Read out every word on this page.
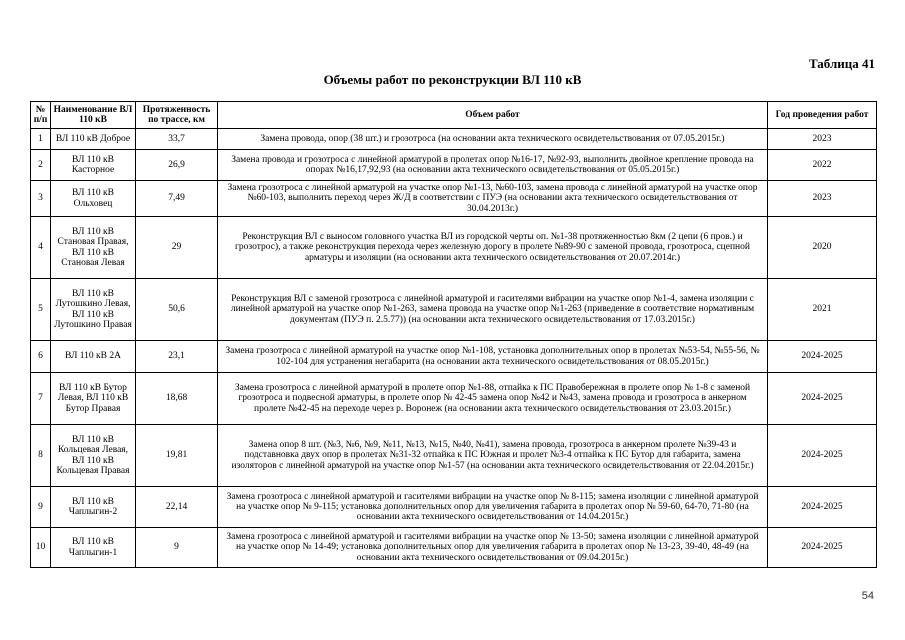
Таблица 41
Объемы работ по реконструкции ВЛ 110 кВ
№ п/п	Наименование ВЛ 110 кВ	Протяженность по трассе, км	Объем работ	Год проведения работ
1	ВЛ 110 кВ Доброе	33,7	Замена провода, опор (38 шт.) и грозотроса (на основании акта технического освидетельствования от 07.05.2015г.)	2023
2	ВЛ 110 кВ Касторное	26,9	Замена провода и грозотроса с линейной арматурой в пролетах опор №16-17, №92-93, выполнить двойное крепление провода на опорах №16,17,92,93 (на основании акта технического освидетельствования от 05.05.2015г.)	2022
3	ВЛ 110 кВ Ольховец	7,49	Замена грозотроса с линейной арматурой на участке опор №1-13, №60-103, замена провода с линейной арматурой на участке опор №60-103, выполнить переход через Ж/Д в соответствии с ПУЭ (на основании акта технического освидетельствования от 30.04.2013г.)	2023
4	ВЛ 110 кВ Становая Правая, ВЛ 110 кВ Становая Левая	29	Реконструкция ВЛ с выносом головного участка ВЛ из городской черты оп. №1-38 протяженностью 8км (2 цепи (6 пров.) и грозотрос), а также реконструкция перехода через железную дорогу в пролете №89-90 с заменой провода, грозотроса, сцепной арматуры и изоляции (на основании акта технического освидетельствования от 20.07.2014г.)	2020
5	ВЛ 110 кВ Лутошкино Левая, ВЛ 110 кВ Лутошкино Правая	50,6	Реконструкция ВЛ с заменой грозотроса с линейной арматурой и гасителями вибрации на участке опор №1-4, замена изоляции с линейной арматурой на участке опор №1-263, замена провода на участке опор №1-263 (приведение в соответствие нормативным документам (ПУЭ п. 2.5.77)) (на основании акта технического освидетельствования от 17.03.2015г.)	2021
6	ВЛ 110 кВ 2А	23,1	Замена грозотроса с линейной арматурой на участке опор №1-108, установка дополнительных опор в пролетах №53-54, №55-56, № 102-104 для устранения негабарита (на основании акта технического освидетельствования от 08.05.2015г.)	2024-2025
7	ВЛ 110 кВ Бутор Левая, ВЛ 110 кВ Бутор Правая	18,68	Замена грозотроса с линейной арматурой в пролете опор №1-88, отпайка к ПС Правобережная в пролете опор № 1-8 с заменой грозотроса и подвесной арматуры, в пролете опор № 42-45 замена опор №42 и №43, замена провода и грозотроса в анкерном пролете №42-45 на переходе через р. Воронеж (на основании акта технического освидетельствования от 23.03.2015г.)	2024-2025
8	ВЛ 110 кВ Кольцевая Левая, ВЛ 110 кВ Кольцевая Правая	19,81	Замена опор 8 шт. (№3, №6, №9, №11, №13, №15, №40, №41), замена провода, грозотроса в анкерном пролете №39-43 и подставновка двух опор в пролетах №31-32 отпайка к ПС Южная и пролет №3-4 отпайка к ПС Бутор для габарита, замена изоляторов с линейной арматурой на участке опор №1-57 (на основании акта технического освидетельствования от 22.04.2015г.)	2024-2025
9	ВЛ 110 кВ Чаплыгин-2	22,14	Замена грозотроса с линейной арматурой и гасителями вибрации на участке опор № 8-115; замена изоляции с линейной арматурой на участке опор № 9-115; установка дополнительных опор для увеличения габарита в пролетах опор № 59-60, 64-70, 71-80 (на основании акта технического освидетельствования от 14.04.2015г.)	2024-2025
10	ВЛ 110 кВ Чаплыгин-1	9	Замена грозотроса с линейной арматурой и гасителями вибрации на участке опор № 13-50; замена изоляции с линейной арматурой на участке опор № 14-49; установка дополнительных опор для увеличения габарита в пролетах опор № 13-23, 39-40, 48-49 (на основании акта технического освидетельствования от 09.04.2015г.)	2024-2025
54
